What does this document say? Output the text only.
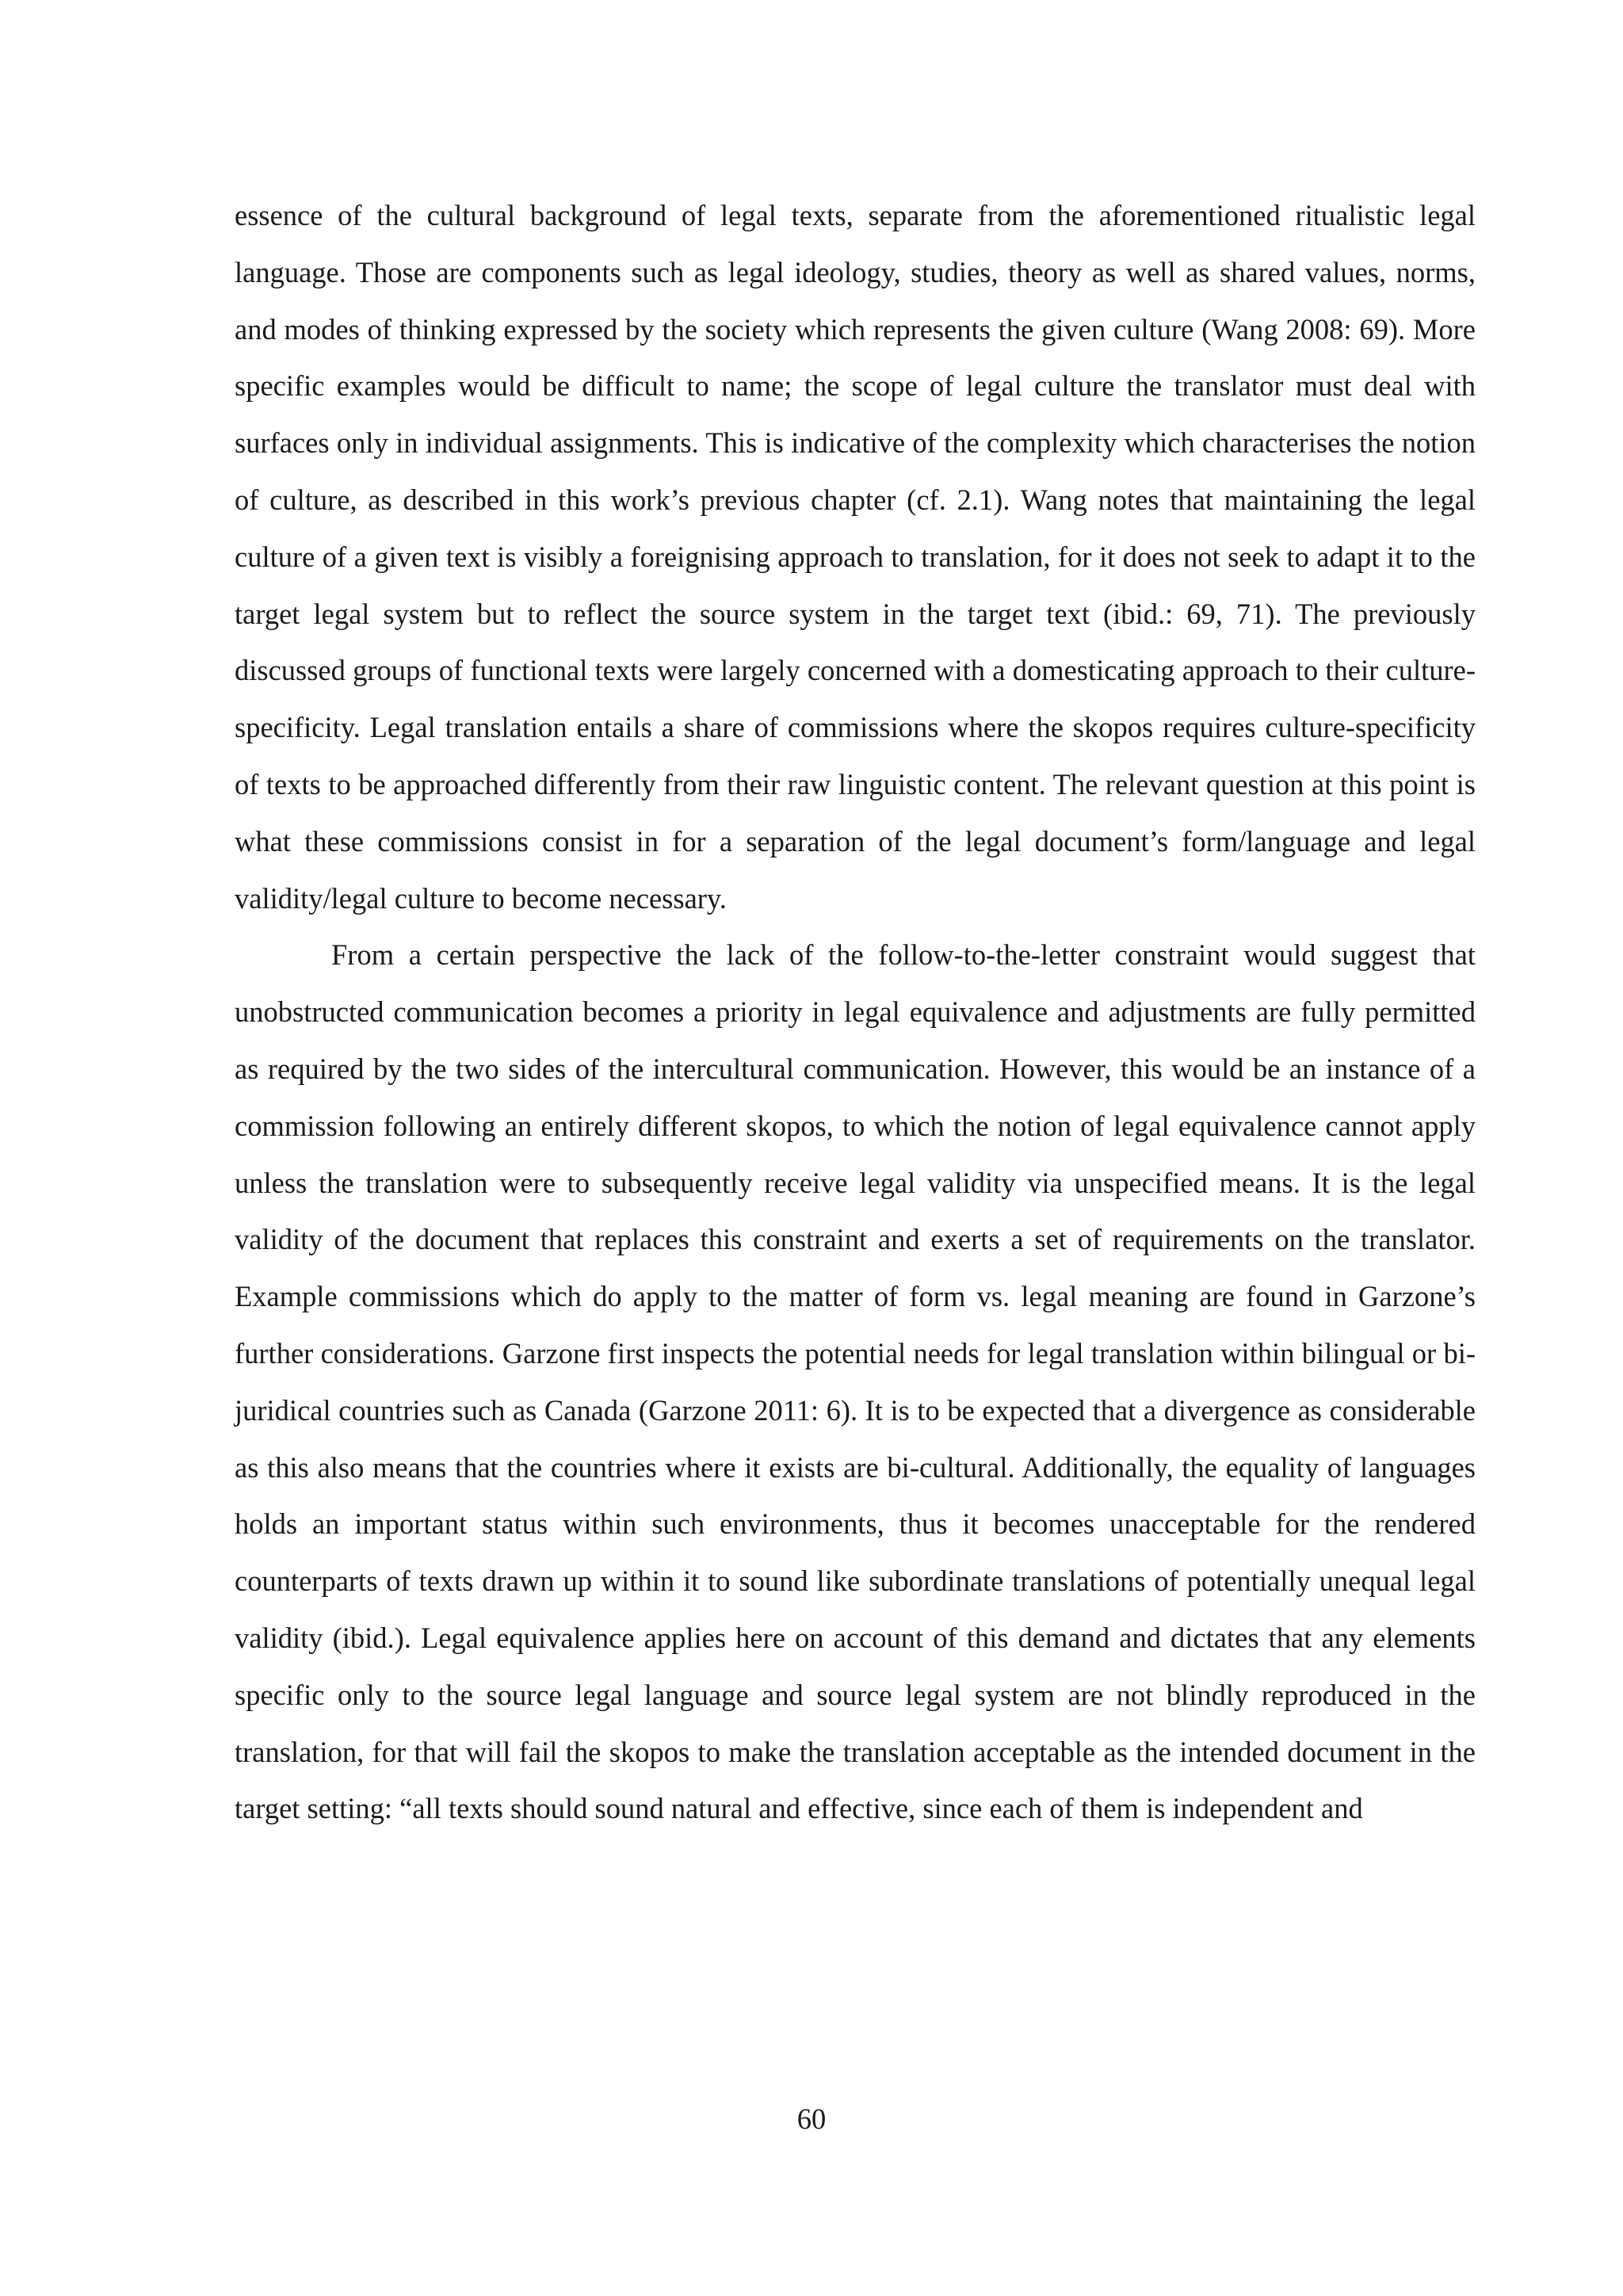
essence of the cultural background of legal texts, separate from the aforementioned ritualistic legal language. Those are components such as legal ideology, studies, theory as well as shared values, norms, and modes of thinking expressed by the society which represents the given culture (Wang 2008: 69). More specific examples would be difficult to name; the scope of legal culture the translator must deal with surfaces only in individual assignments. This is indicative of the complexity which characterises the notion of culture, as described in this work’s previous chapter (cf. 2.1). Wang notes that maintaining the legal culture of a given text is visibly a foreignising approach to translation, for it does not seek to adapt it to the target legal system but to reflect the source system in the target text (ibid.: 69, 71). The previously discussed groups of functional texts were largely concerned with a domesticating approach to their culture-specificity. Legal translation entails a share of commissions where the skopos requires culture-specificity of texts to be approached differently from their raw linguistic content. The relevant question at this point is what these commissions consist in for a separation of the legal document’s form/language and legal validity/legal culture to become necessary.

From a certain perspective the lack of the follow-to-the-letter constraint would suggest that unobstructed communication becomes a priority in legal equivalence and adjustments are fully permitted as required by the two sides of the intercultural communication. However, this would be an instance of a commission following an entirely different skopos, to which the notion of legal equivalence cannot apply unless the translation were to subsequently receive legal validity via unspecified means. It is the legal validity of the document that replaces this constraint and exerts a set of requirements on the translator. Example commissions which do apply to the matter of form vs. legal meaning are found in Garzone’s further considerations. Garzone first inspects the potential needs for legal translation within bilingual or bi-juridical countries such as Canada (Garzone 2011: 6). It is to be expected that a divergence as considerable as this also means that the countries where it exists are bi-cultural. Additionally, the equality of languages holds an important status within such environments, thus it becomes unacceptable for the rendered counterparts of texts drawn up within it to sound like subordinate translations of potentially unequal legal validity (ibid.). Legal equivalence applies here on account of this demand and dictates that any elements specific only to the source legal language and source legal system are not blindly reproduced in the translation, for that will fail the skopos to make the translation acceptable as the intended document in the target setting: “all texts should sound natural and effective, since each of them is independent and

60
